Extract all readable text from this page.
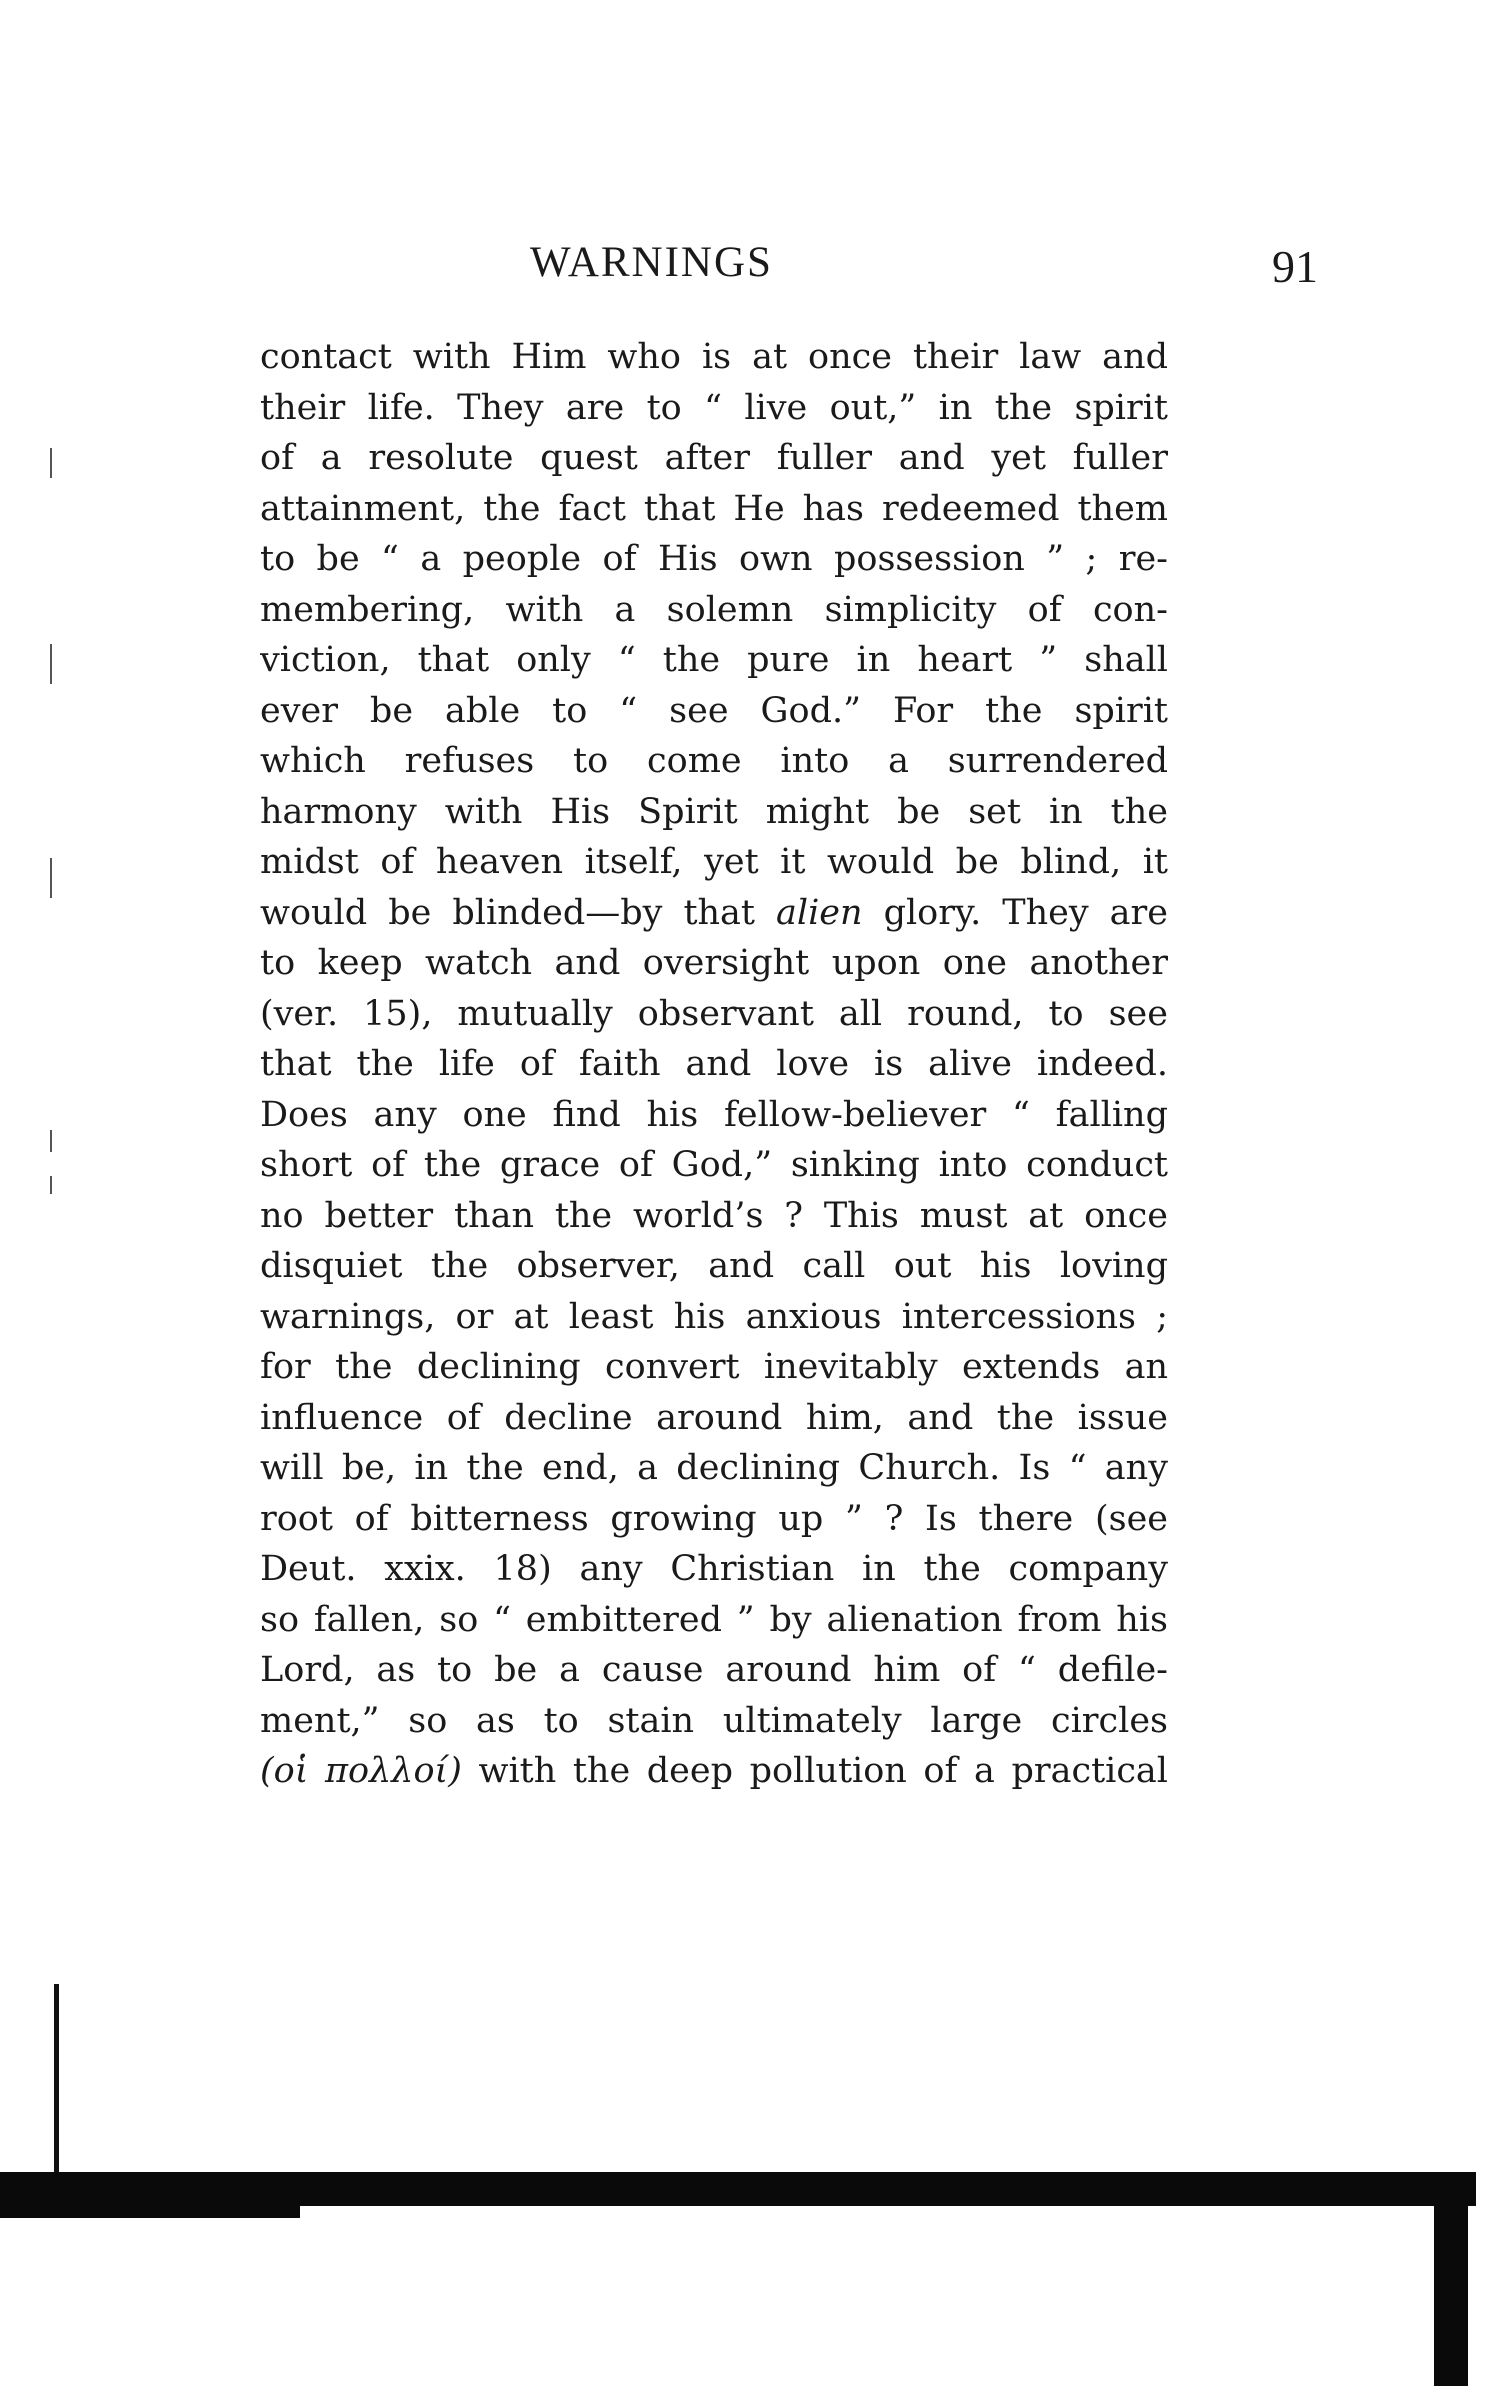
WARNINGS	91
contact with Him who is at once their law and
their life. They are to “ live out,” in the spirit
of a resolute quest after fuller and yet fuller
attainment, the fact that He has redeemed them
to be “ a people of His own possession ” ; re-
membering, with a solemn simplicity of con-
viction, that only “ the pure in heart ” shall
ever be able to “ see God.” For the spirit
which refuses to come into a surrendered
harmony with His Spirit might be set in the
midst of heaven itself, yet it would be blind, it
would be blinded—by that alien glory. They are
to keep watch and oversight upon one another
(ver. 15), mutually observant all round, to see
that the life of faith and love is alive indeed.
Does any one find his fellow-believer “ falling
short of the grace of God,” sinking into conduct
no better than the world’s ? This must at once
disquiet the observer, and call out his loving
warnings, or at least his anxious intercessions ;
for the declining convert inevitably extends an
influence of decline around him, and the issue
will be, in the end, a declining Church. Is “ any
root of bitterness growing up ” ? Is there (see
Deut. xxix. 18) any Christian in the company
so fallen, so “ embittered ” by alienation from his
Lord, as to be a cause around him of “ defile-
ment,” so as to stain ultimately large circles
(οἱ πολλοί) with the deep pollution of a practical
